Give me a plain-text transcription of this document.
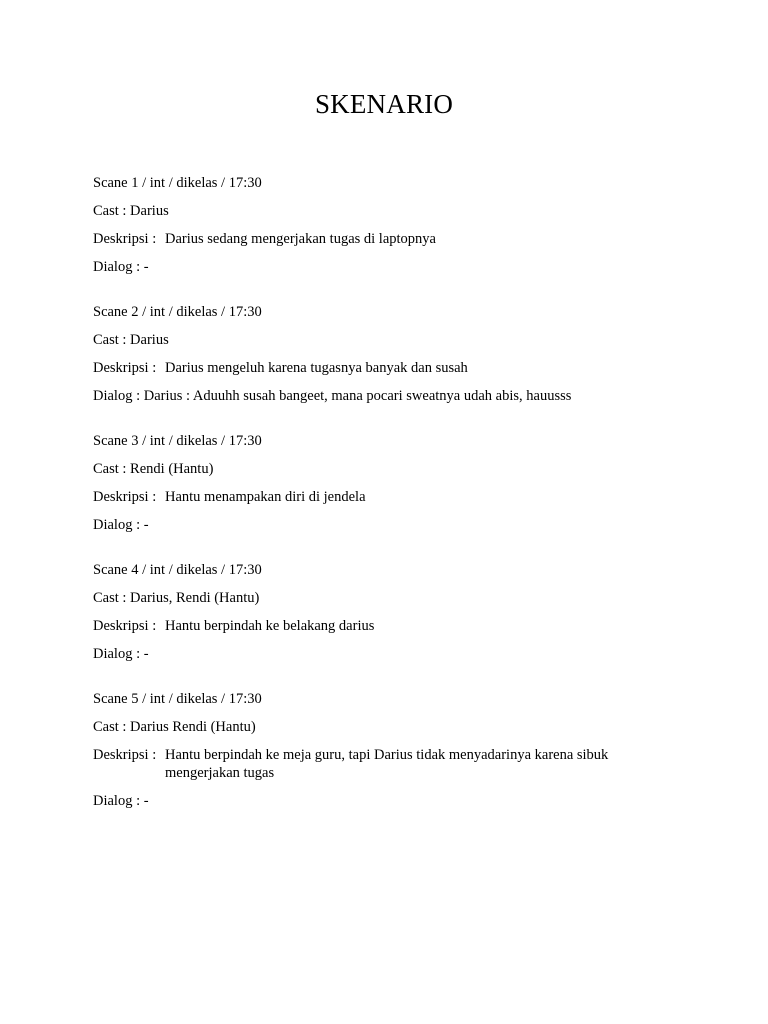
SKENARIO
Scane 1 / int / dikelas / 17:30
Cast : Darius
Deskripsi : Darius sedang mengerjakan tugas di laptopnya
Dialog : -
Scane 2 / int / dikelas / 17:30
Cast : Darius
Deskripsi : Darius mengeluh karena tugasnya banyak dan susah
Dialog : Darius : Aduuhh susah bangeet, mana pocari sweatnya udah abis, hauusss
Scane 3 / int / dikelas / 17:30
Cast : Rendi (Hantu)
Deskripsi : Hantu menampakan diri di jendela
Dialog : -
Scane 4 / int / dikelas / 17:30
Cast : Darius, Rendi (Hantu)
Deskripsi : Hantu berpindah ke belakang darius
Dialog : -
Scane 5 / int / dikelas / 17:30
Cast : Darius Rendi (Hantu)
Deskripsi : Hantu berpindah ke meja guru, tapi Darius tidak menyadarinya karena sibuk mengerjakan tugas
Dialog : -
